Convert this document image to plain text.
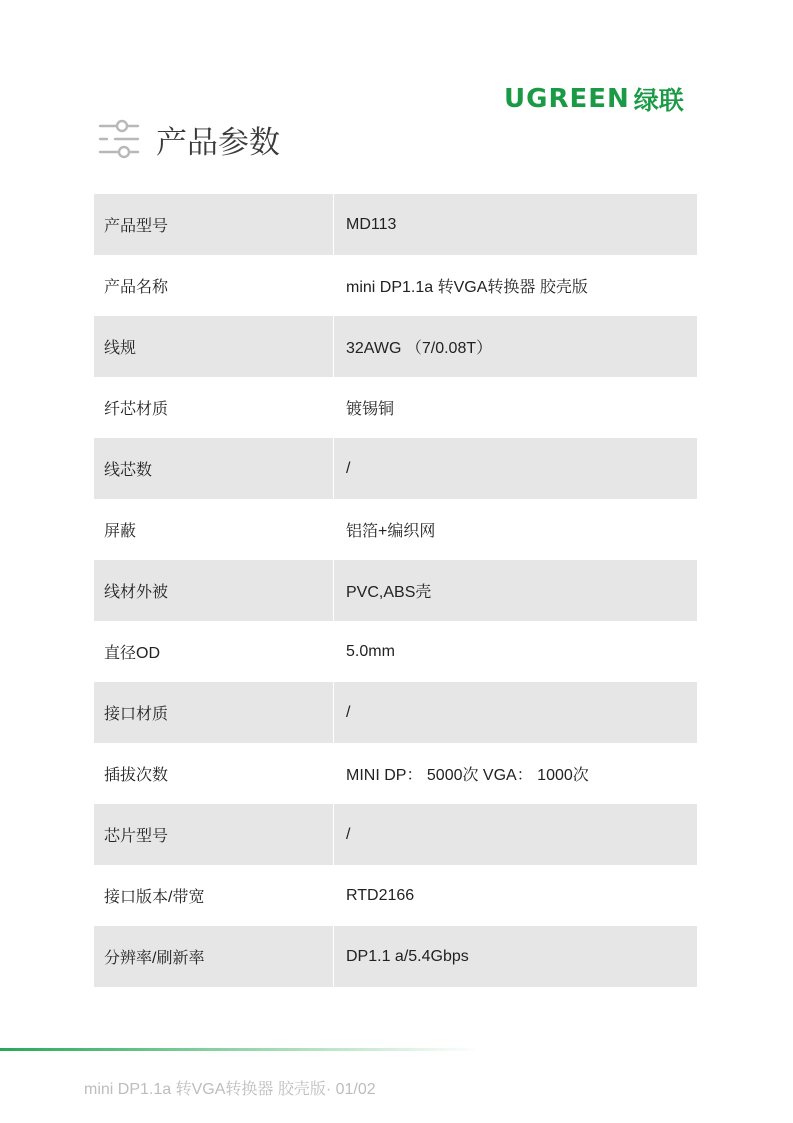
UGREEN 绿联
产品参数
产品型号	MD113
产品名称	mini DP1.1a 转VGA转换器 胶壳版
线规	32AWG （7/0.08T）
纤芯材质	镀锡铜
线芯数	/
屏蔽	铝箔+编织网
线材外被	PVC,ABS壳
直径OD	5.0mm
接口材质	/
插拔次数	MINI DP： 5000次 VGA： 1000次
芯片型号	/
接口版本/带宽	RTD2166
分辨率/刷新率	DP1.1 a/5.4Gbps
mini DP1.1a 转VGA转换器 胶壳版· 01/02
